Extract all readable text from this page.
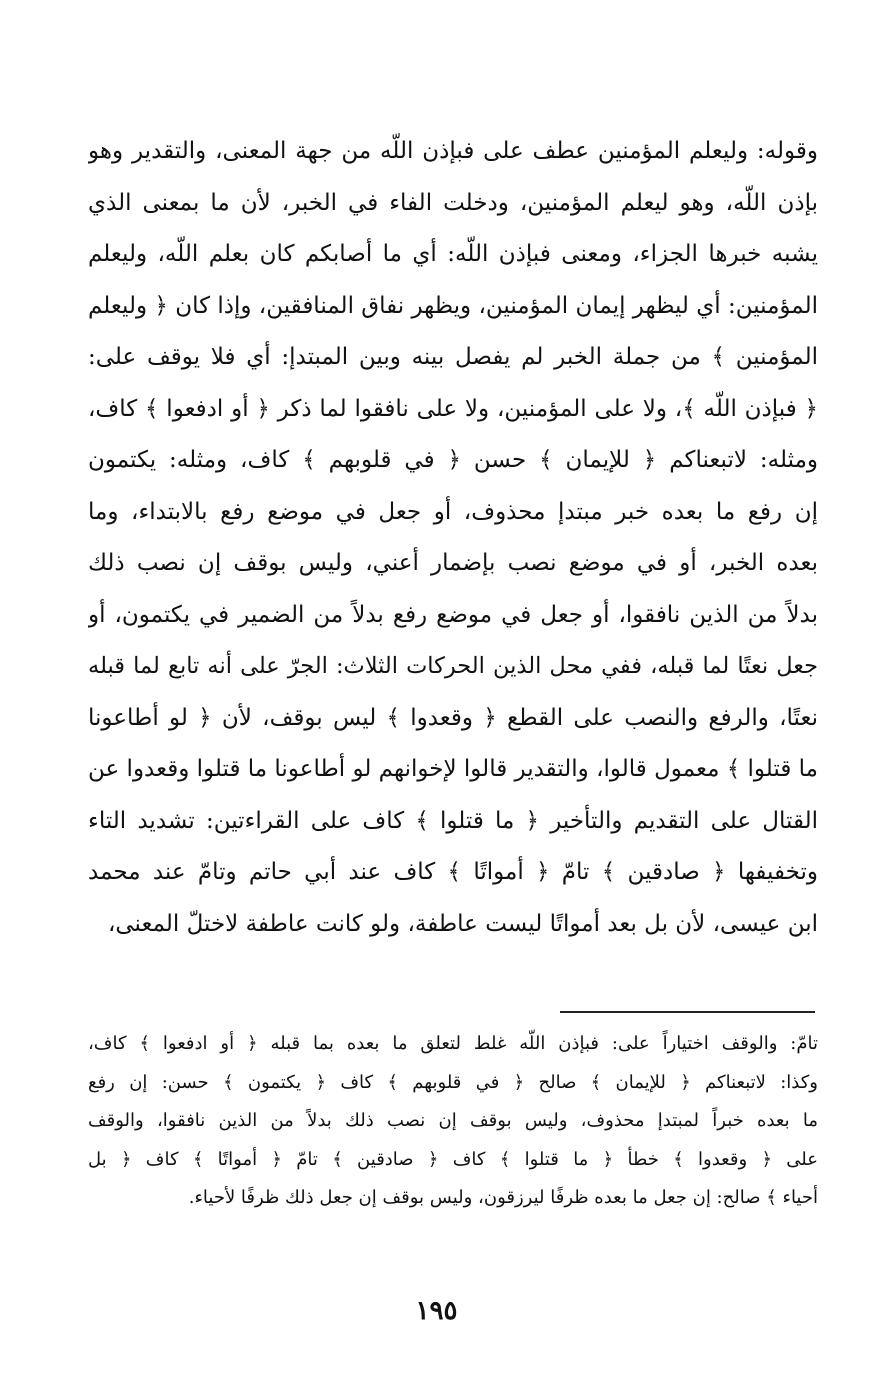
وقوله: وليعلم المؤمنين عطف على فبإذن اللّه من جهة المعنى، والتقدير وهو
بإذن اللّه، وهو ليعلم المؤمنين، ودخلت الفاء في الخبر، لأن ما بمعنى الذي
يشبه خبرها الجزاء، ومعنى فبإذن اللّه: أي ما أصابكم كان بعلم اللّه، وليعلم
المؤمنين: أي ليظهر إيمان المؤمنين، ويظهر نفاق المنافقين، وإذا كان ﴿ وليعلم
المؤمنين ﴾ من جملة الخبر لم يفصل بينه وبين المبتدإ: أي فلا يوقف على:
﴿ فبإذن اللّه ﴾، ولا على المؤمنين، ولا على نافقوا لما ذكر ﴿ أو ادفعوا ﴾ كاف،
ومثله: لاتبعناكم ﴿ للإيمان ﴾ حسن ﴿ في قلوبهم ﴾ كاف، ومثله: يكتمون
إن رفع ما بعده خبر مبتدإ محذوف، أو جعل في موضع رفع بالابتداء، وما
بعده الخبر، أو في موضع نصب بإضمار أعني، وليس بوقف إن نصب ذلك
بدلاً من الذين نافقوا، أو جعل في موضع رفع بدلاً من الضمير في يكتمون، أو
جعل نعتًا لما قبله، ففي محل الذين الحركات الثلاث: الجرّ على أنه تابع لما قبله
نعتًا، والرفع والنصب على القطع ﴿ وقعدوا ﴾ ليس بوقف، لأن ﴿ لو أطاعونا
ما قتلوا ﴾ معمول قالوا، والتقدير قالوا لإخوانهم لو أطاعونا ما قتلوا وقعدوا عن
القتال على التقديم والتأخير ﴿ ما قتلوا ﴾ كاف على القراءتين: تشديد التاء
وتخفيفها ﴿ صادقين ﴾ تامّ ﴿ أمواتًا ﴾ كاف عند أبي حاتم وتامّ عند محمد
ابن عيسى، لأن بل بعد أمواتًا ليست عاطفة، ولو كانت عاطفة لاختلّ المعنى،
تامّ: والوقف اختياراً على: فبإذن اللّه غلط لتعلق ما بعده بما قبله ﴿ أو ادفعوا ﴾ كاف،
وكذا: لاتبعناكم ﴿ للإيمان ﴾ صالح ﴿ في قلوبهم ﴾ كاف ﴿ يكتمون ﴾ حسن: إن رفع
ما بعده خبراً لمبتدإ محذوف، وليس بوقف إن نصب ذلك بدلاً من الذين نافقوا، والوقف
على ﴿ وقعدوا ﴾ خطأ ﴿ ما قتلوا ﴾ كاف ﴿ صادقين ﴾ تامّ ﴿ أمواتًا ﴾ كاف ﴿ بل
أحياء ﴾ صالح: إن جعل ما بعده ظرفًا ليرزقون، وليس بوقف إن جعل ذلك ظرفًا لأحياء.
١٩٥
